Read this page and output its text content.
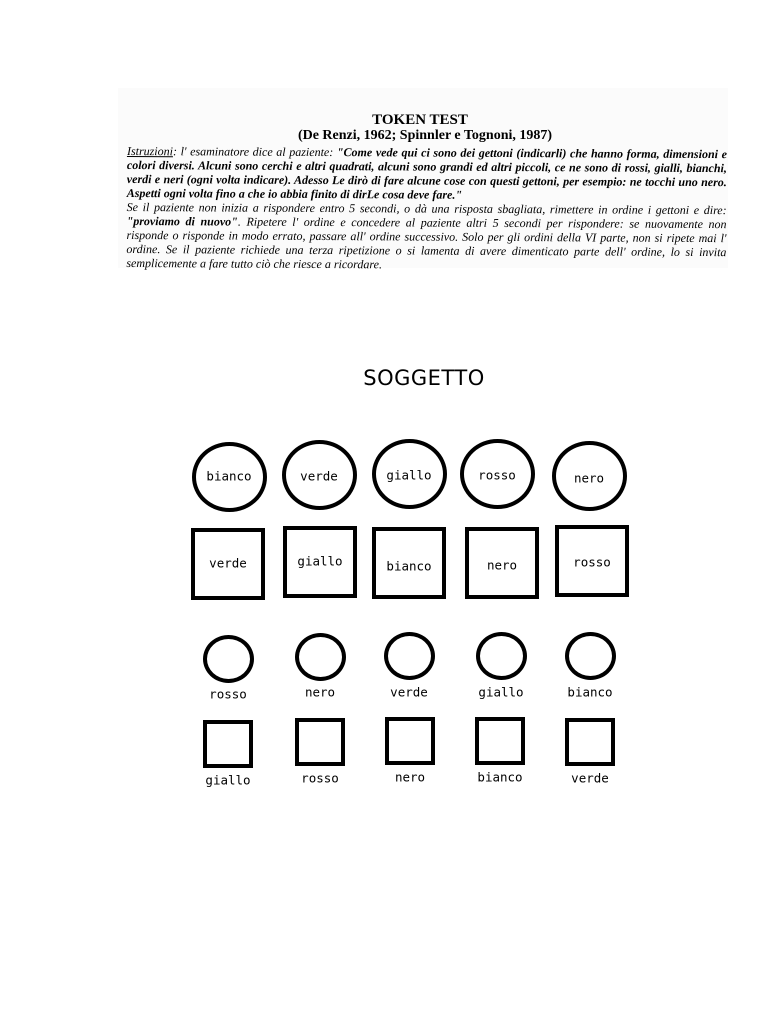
TOKEN TEST
(De Renzi, 1962; Spinnler e Tognoni, 1987)
Istruzioni: l' esaminatore dice al paziente: "Come vede qui ci sono dei gettoni (indicarli) che hanno forma, dimensioni e colori diversi. Alcuni sono cerchi e altri quadrati, alcuni sono grandi ed altri piccoli, ce ne sono di rossi, gialli, bianchi, verdi e neri (ogni volta indicare). Adesso Le dirò di fare alcune cose con questi gettoni, per esempio: ne tocchi uno nero. Aspetti ogni volta fino a che io abbia finito di dirLe cosa deve fare."
Se il paziente non inizia a rispondere entro 5 secondi, o dà una risposta sbagliata, rimettere in ordine i gettoni e dire: "proviamo di nuovo". Ripetere l' ordine e concedere al paziente altri 5 secondi per rispondere: se nuovamente non risponde o risponde in modo errato, passare all' ordine successivo. Solo per gli ordini della VI parte, non si ripete mai l' ordine. Se il paziente richiede una terza ripetizione o si lamenta di avere dimenticato parte dell' ordine, lo si invita semplicemente a fare tutto ciò che riesce a ricordare.
SOGGETTO
bianco	verde	giallo	rosso	nero
verde	giallo	bianco	nero	rosso
rosso	nero	verde	giallo	bianco
giallo	rosso	nero	bianco	verde
